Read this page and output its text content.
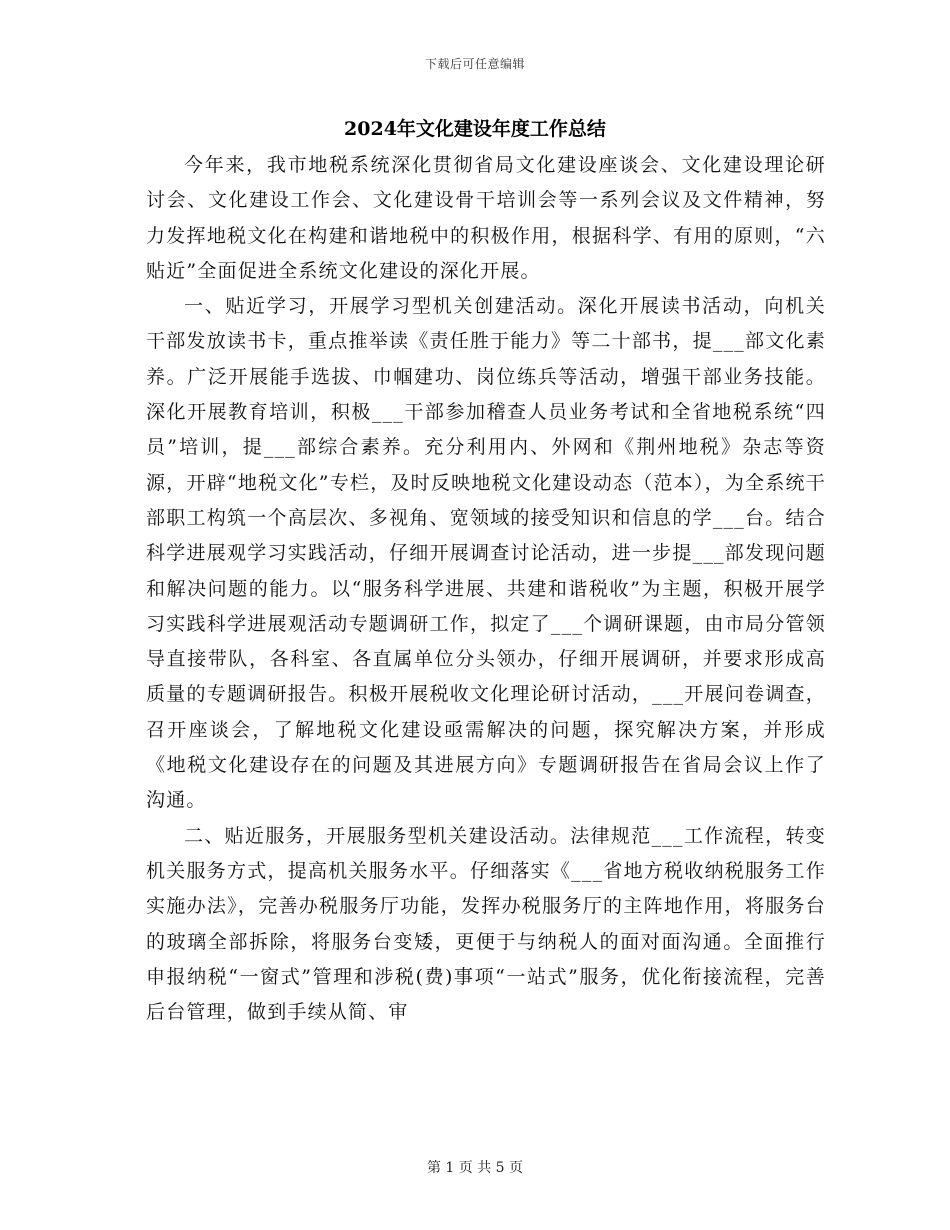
下载后可任意编辑
2024年文化建设年度工作总结

今年来，我市地税系统深化贯彻省局文化建设座谈会、文化建设理论研讨会、文化建设工作会、文化建设骨干培训会等一系列会议及文件精神，努力发挥地税文化在构建和谐地税中的积极作用，根据科学、有用的原则，“六贴近”全面促进全系统文化建设的深化开展。

一、贴近学习，开展学习型机关创建活动。深化开展读书活动，向机关干部发放读书卡，重点推举读《责任胜于能力》等二十部书，提___部文化素养。广泛开展能手选拔、巾帼建功、岗位练兵等活动，增强干部业务技能。深化开展教育培训，积极___干部参加稽查人员业务考试和全省地税系统“四员”培训，提___部综合素养。充分利用内、外网和《荆州地税》杂志等资源，开辟“地税文化”专栏，及时反映地税文化建设动态（范本），为全系统干部职工构筑一个高层次、多视角、宽领域的接受知识和信息的学___台。结合科学进展观学习实践活动，仔细开展调查讨论活动，进一步提___部发现问题和解决问题的能力。以“服务科学进展、共建和谐税收”为主题，积极开展学习实践科学进展观活动专题调研工作，拟定了___个调研课题，由市局分管领导直接带队，各科室、各直属单位分头领办，仔细开展调研，并要求形成高质量的专题调研报告。积极开展税收文化理论研讨活动，___开展问卷调查，召开座谈会，了解地税文化建设亟需解决的问题，探究解决方案，并形成《地税文化建设存在的问题及其进展方向》专题调研报告在省局会议上作了沟通。

二、贴近服务，开展服务型机关建设活动。法律规范___工作流程，转变机关服务方式，提高机关服务水平。仔细落实《___省地方税收纳税服务工作实施办法》，完善办税服务厅功能，发挥办税服务厅的主阵地作用，将服务台的玻璃全部拆除，将服务台变矮，更便于与纳税人的面对面沟通。全面推行申报纳税“一窗式”管理和涉税(费)事项“一站式”服务，优化衔接流程，完善后台管理，做到手续从简、审

第 1 页 共 5 页
